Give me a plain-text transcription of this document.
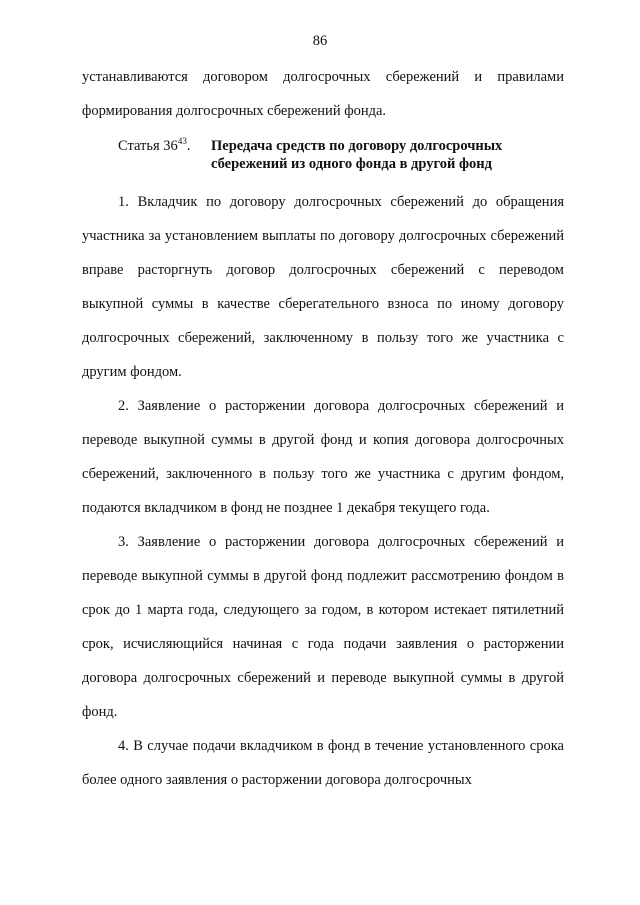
86

устанавливаются договором долгосрочных сбережений и правилами формирования долгосрочных сбережений фонда.

Статья $36^{43}$. Передача средств по договору долгосрочных
сбережений из одного фонда в другой фонд

1. Вкладчик по договору долгосрочных сбережений до обращения участника за установлением выплаты по договору долгосрочных сбережений вправе расторгнуть договор долгосрочных сбережений с переводом выкупной суммы в качестве сберегательного взноса по иному договору долгосрочных сбережений, заключенному в пользу того же участника с другим фондом.

2. Заявление о расторжении договора долгосрочных сбережений и переводе выкупной суммы в другой фонд и копия договора долгосрочных сбережений, заключенного в пользу того же участника с другим фондом, подаются вкладчиком в фонд не позднее 1 декабря текущего года.

3. Заявление о расторжении договора долгосрочных сбережений и переводе выкупной суммы в другой фонд подлежит рассмотрению фондом в срок до 1 марта года, следующего за годом, в котором истекает пятилетний срок, исчисляющийся начиная с года подачи заявления о расторжении договора долгосрочных сбережений и переводе выкупной суммы в другой фонд.

4. В случае подачи вкладчиком в фонд в течение установленного срока более одного заявления о расторжении договора долгосрочных
